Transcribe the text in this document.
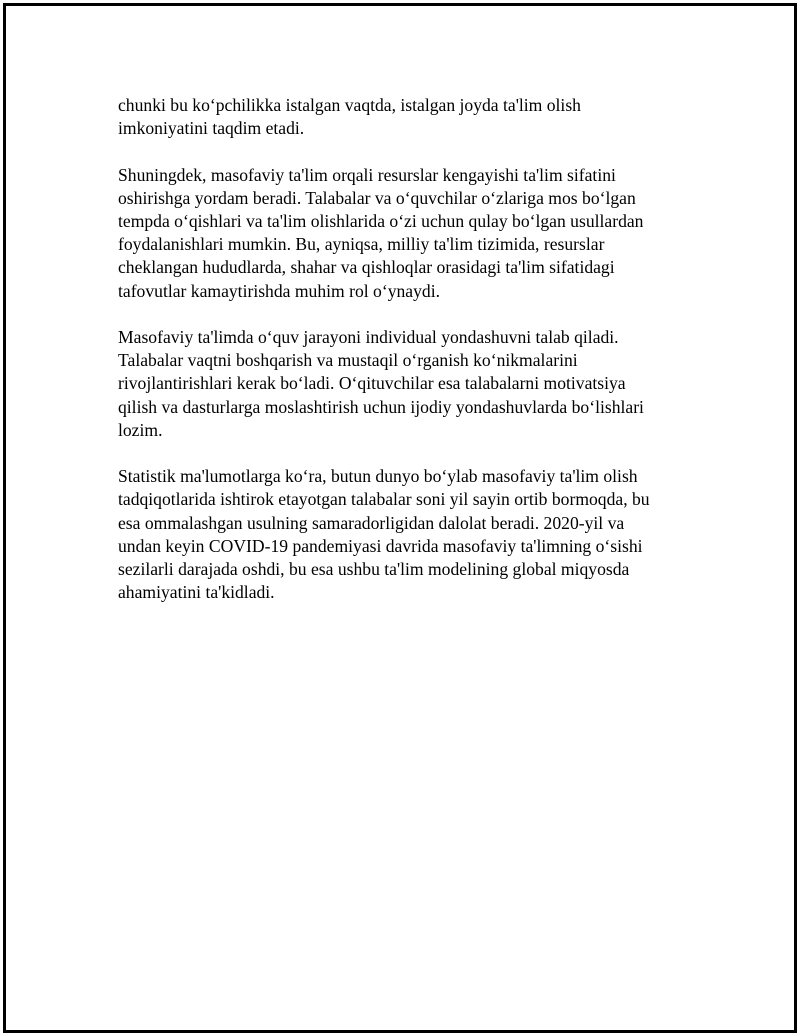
chunki bu ko‘pchilikka istalgan vaqtda, istalgan joyda ta'lim olish
imkoniyatini taqdim etadi.

Shuningdek, masofaviy ta'lim orqali resurslar kengayishi ta'lim sifatini
oshirishga yordam beradi. Talabalar va o‘quvchilar o‘zlariga mos bo‘lgan
tempda o‘qishlari va ta'lim olishlarida o‘zi uchun qulay bo‘lgan usullardan
foydalanishlari mumkin. Bu, ayniqsa, milliy ta'lim tizimida, resurslar
cheklangan hududlarda, shahar va qishloqlar orasidagi ta'lim sifatidagi
tafovutlar kamaytirishda muhim rol o‘ynaydi.

Masofaviy ta'limda o‘quv jarayoni individual yondashuvni talab qiladi.
Talabalar vaqtni boshqarish va mustaqil o‘rganish ko‘nikmalarini
rivojlantirishlari kerak bo‘ladi. O‘qituvchilar esa talabalarni motivatsiya
qilish va dasturlarga moslashtirish uchun ijodiy yondashuvlarda bo‘lishlari
lozim.

Statistik ma'lumotlarga ko‘ra, butun dunyo bo‘ylab masofaviy ta'lim olish
tadqiqotlarida ishtirok etayotgan talabalar soni yil sayin ortib bormoqda, bu
esa ommalashgan usulning samaradorligidan dalolat beradi. 2020-yil va
undan keyin COVID-19 pandemiyasi davrida masofaviy ta'limning o‘sishi
sezilarli darajada oshdi, bu esa ushbu ta'lim modelining global miqyosda
ahamiyatini ta'kidladi.
